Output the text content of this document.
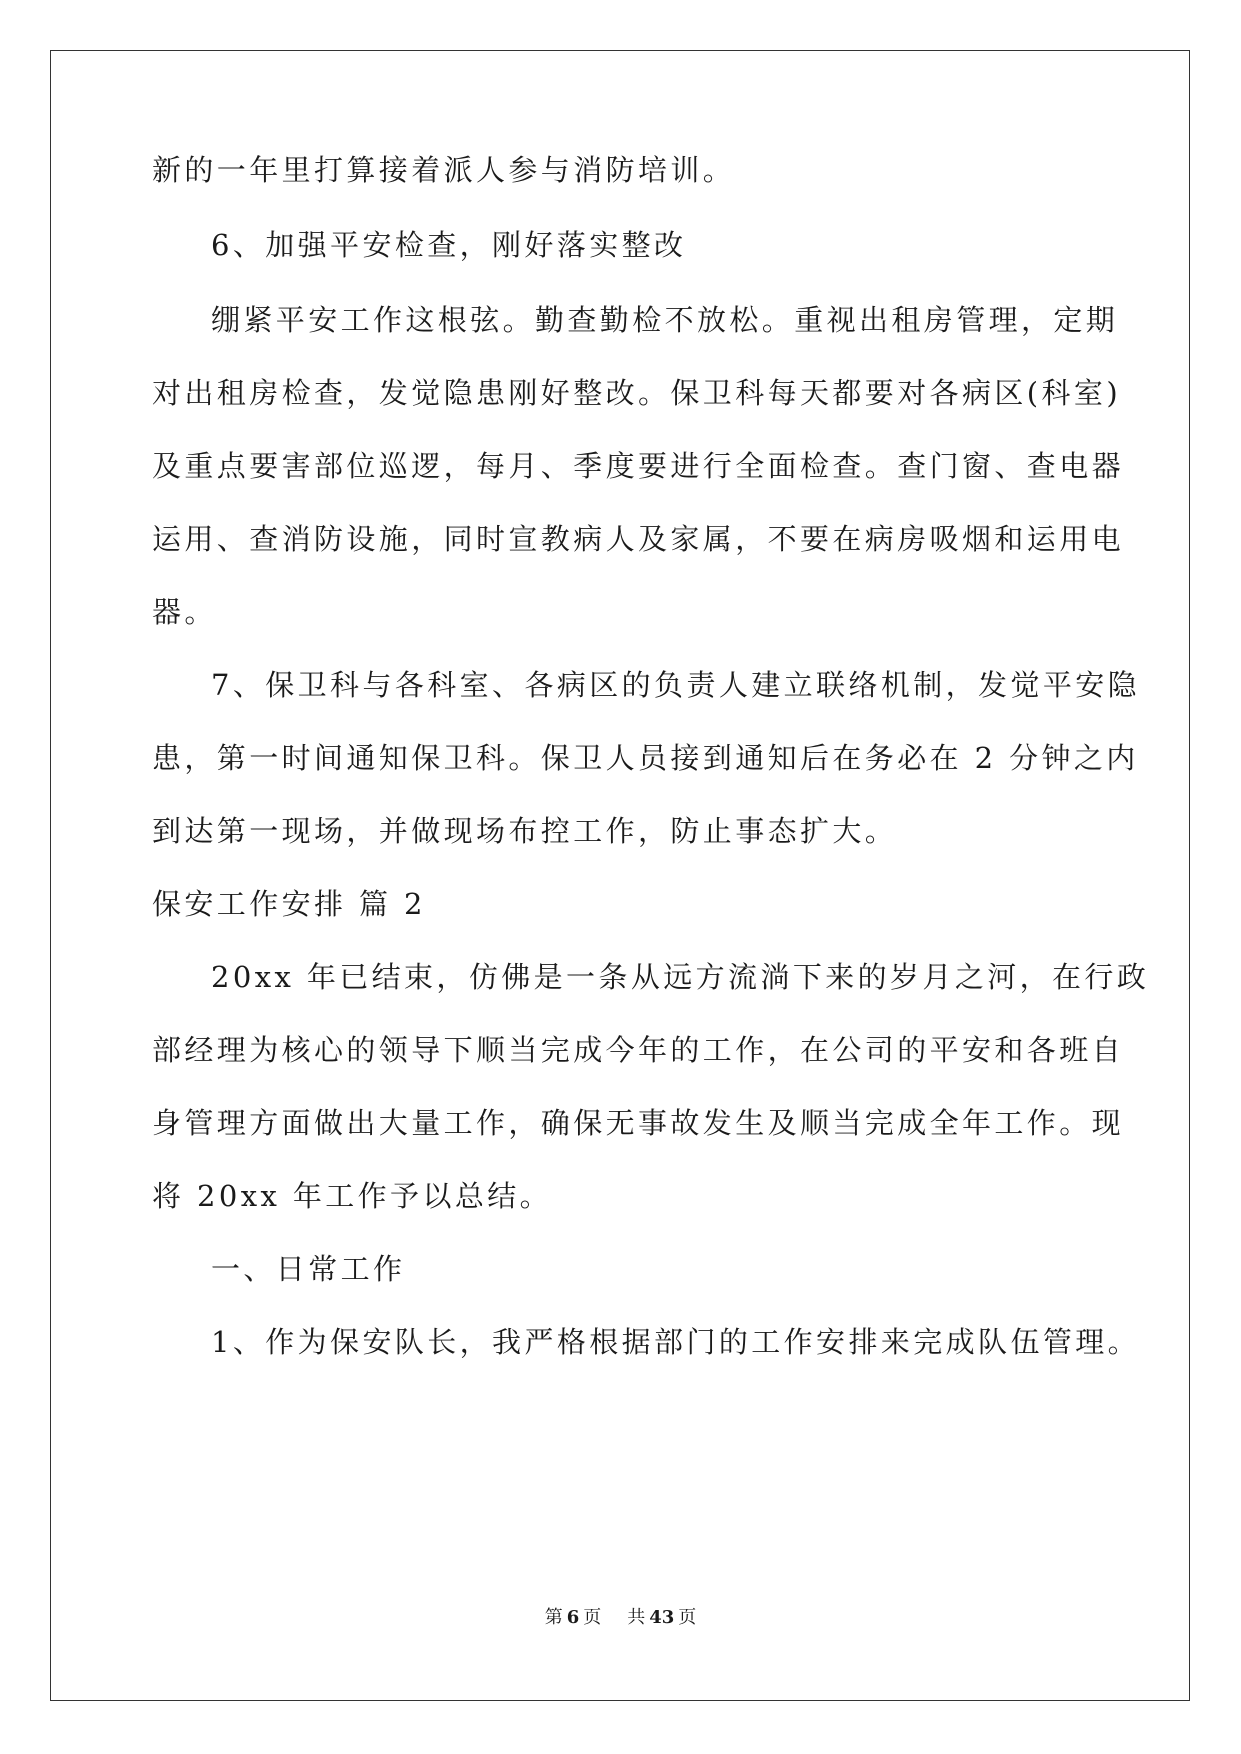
新的一年里打算接着派人参与消防培训。
6、加强平安检查，刚好落实整改
绷紧平安工作这根弦。勤查勤检不放松。重视出租房管理，定期
对出租房检查，发觉隐患刚好整改。保卫科每天都要对各病区(科室)
及重点要害部位巡逻，每月、季度要进行全面检查。查门窗、查电器
运用、查消防设施，同时宣教病人及家属，不要在病房吸烟和运用电
器。
7、保卫科与各科室、各病区的负责人建立联络机制，发觉平安隐
患，第一时间通知保卫科。保卫人员接到通知后在务必在 2 分钟之内
到达第一现场，并做现场布控工作，防止事态扩大。
保安工作安排 篇 2
20xx 年已结束，仿佛是一条从远方流淌下来的岁月之河，在行政
部经理为核心的领导下顺当完成今年的工作，在公司的平安和各班自
身管理方面做出大量工作，确保无事故发生及顺当完成全年工作。现
将 20xx 年工作予以总结。
一、日常工作
1、作为保安队长，我严格根据部门的工作安排来完成队伍管理。
第 6 页 共 43 页
